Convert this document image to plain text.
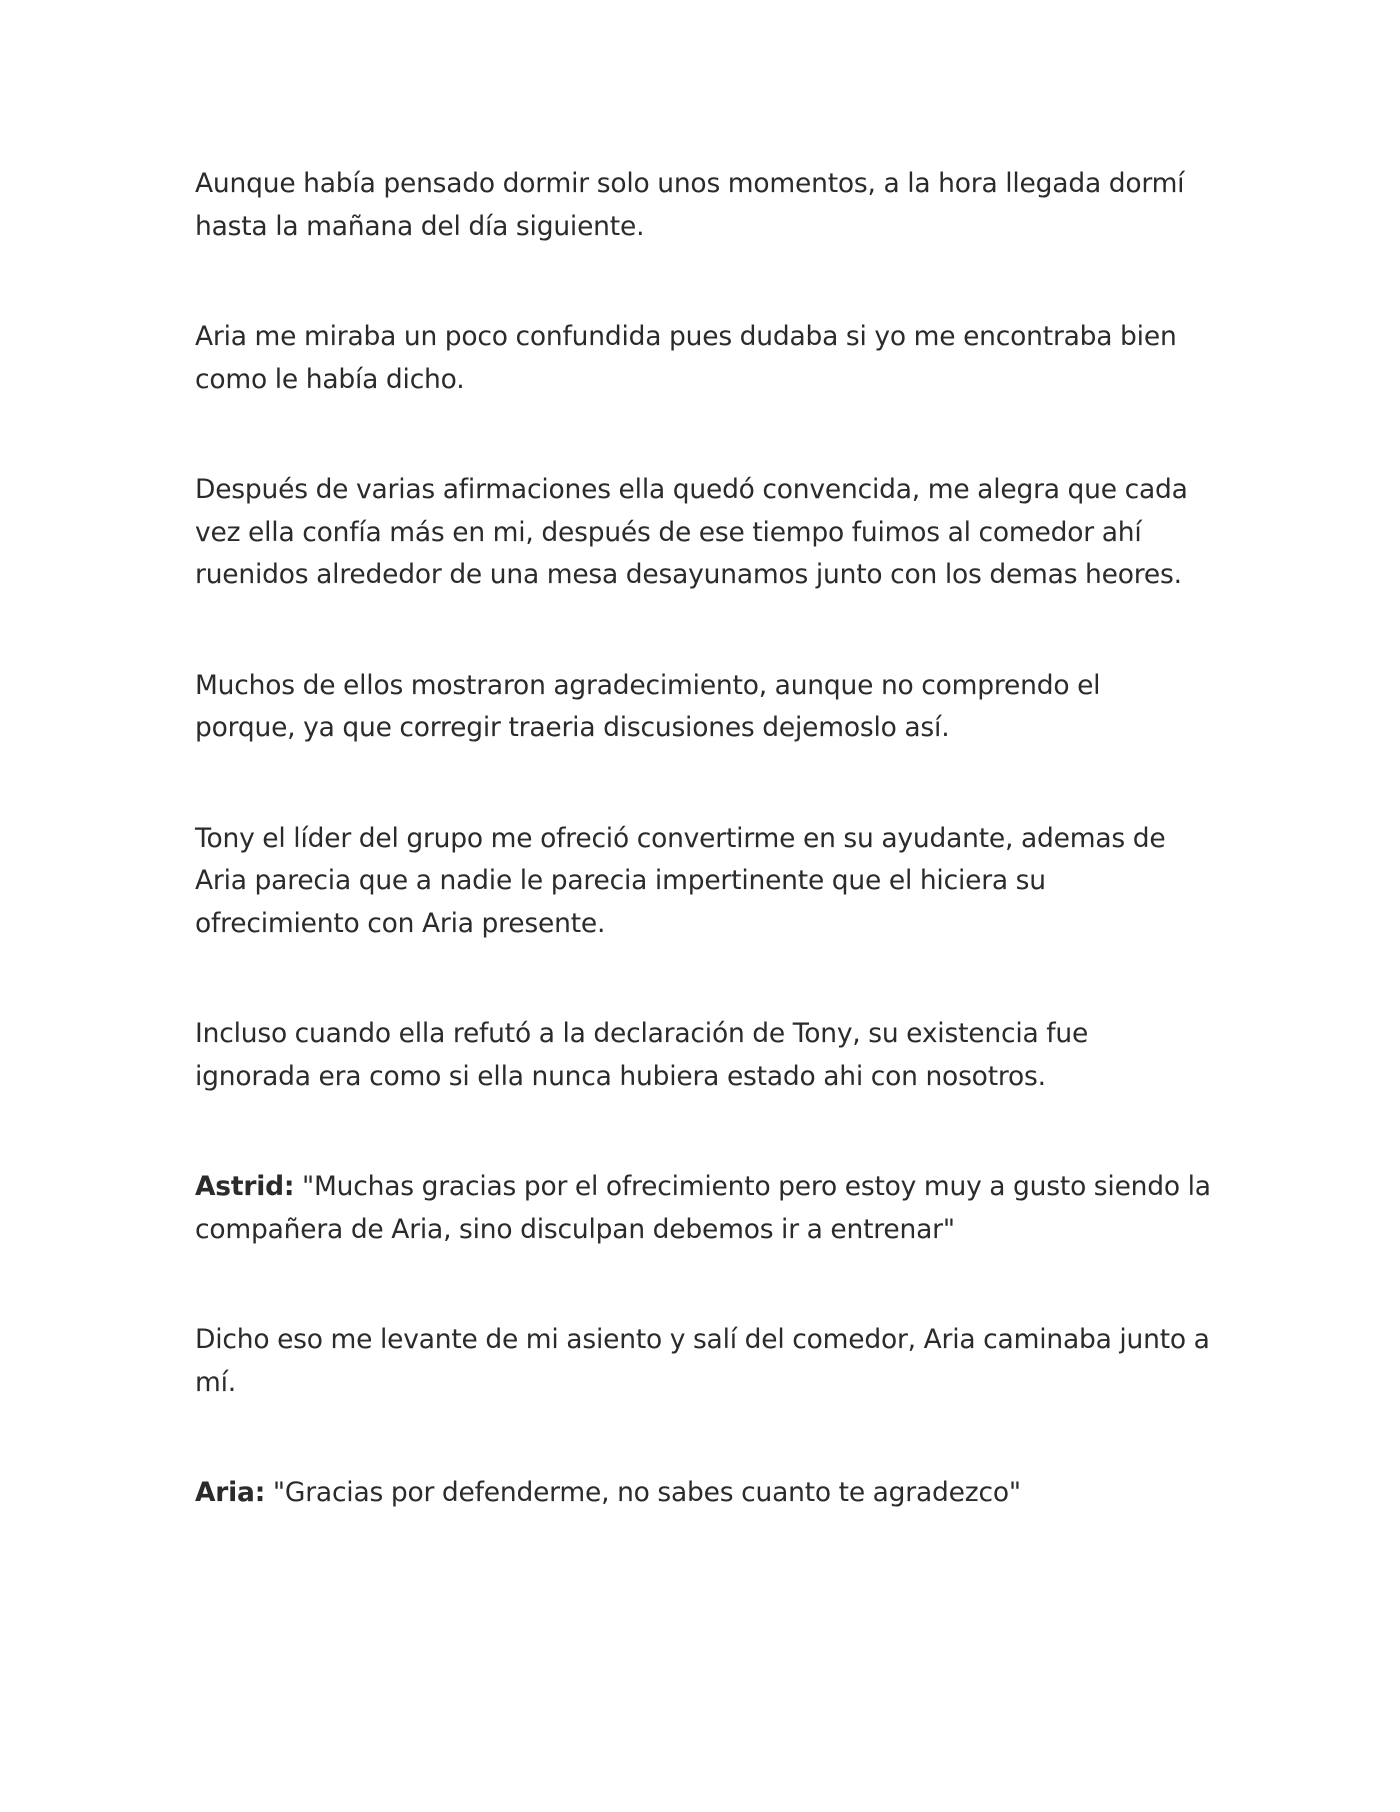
Aunque había pensado dormir solo unos momentos, a la hora llegada dormí
hasta la mañana del día siguiente.

Aria me miraba un poco confundida pues dudaba si yo me encontraba bien
como le había dicho.

Después de varias afirmaciones ella quedó convencida, me alegra que cada
vez ella confía más en mi, después de ese tiempo fuimos al comedor ahí
ruenidos alrededor de una mesa desayunamos junto con los demas heores.

Muchos de ellos mostraron agradecimiento, aunque no comprendo el
porque, ya que corregir traeria discusiones dejemoslo así.

Tony el líder del grupo me ofreció convertirme en su ayudante, ademas de
Aria parecia que a nadie le parecia impertinente que el hiciera su
ofrecimiento con Aria presente.

Incluso cuando ella refutó a la declaración de Tony, su existencia fue
ignorada era como si ella nunca hubiera estado ahi con nosotros.

Astrid: "Muchas gracias por el ofrecimiento pero estoy muy a gusto siendo la
compañera de Aria, sino disculpan debemos ir a entrenar"

Dicho eso me levante de mi asiento y salí del comedor, Aria caminaba junto a
mí.

Aria: "Gracias por defenderme, no sabes cuanto te agradezco"
